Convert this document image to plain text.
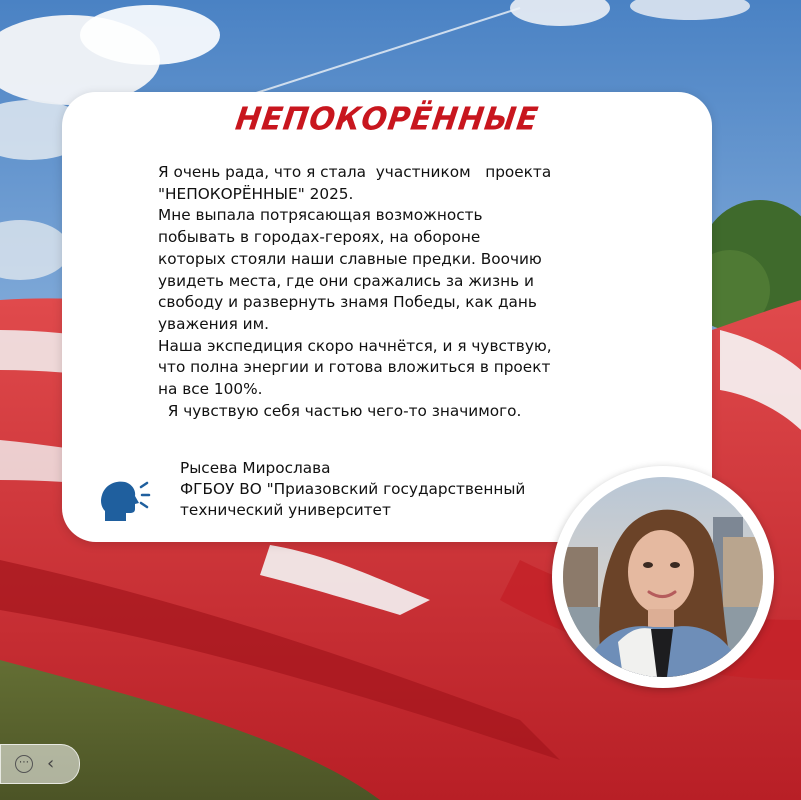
НЕПОКОРЁННЫЕ
Я очень рада, что я стала  участником   проекта
"НЕПОКОРЁННЫЕ" 2025.
Мне выпала потрясающая возможность
побывать в городах-героях, на обороне
которых стояли наши славные предки. Воочию
увидеть места, где они сражались за жизнь и
свободу и развернуть знамя Победы, как дань
уважения им.
Наша экспедиция скоро начнётся, и я чувствую,
что полна энергии и готова вложиться в проект
на все 100%.
Я чувствую себя частью чего-то значимого.
Рысева Мирослава
ФГБОУ ВО "Приазовский государственный
технический университет
⋯ ‹
